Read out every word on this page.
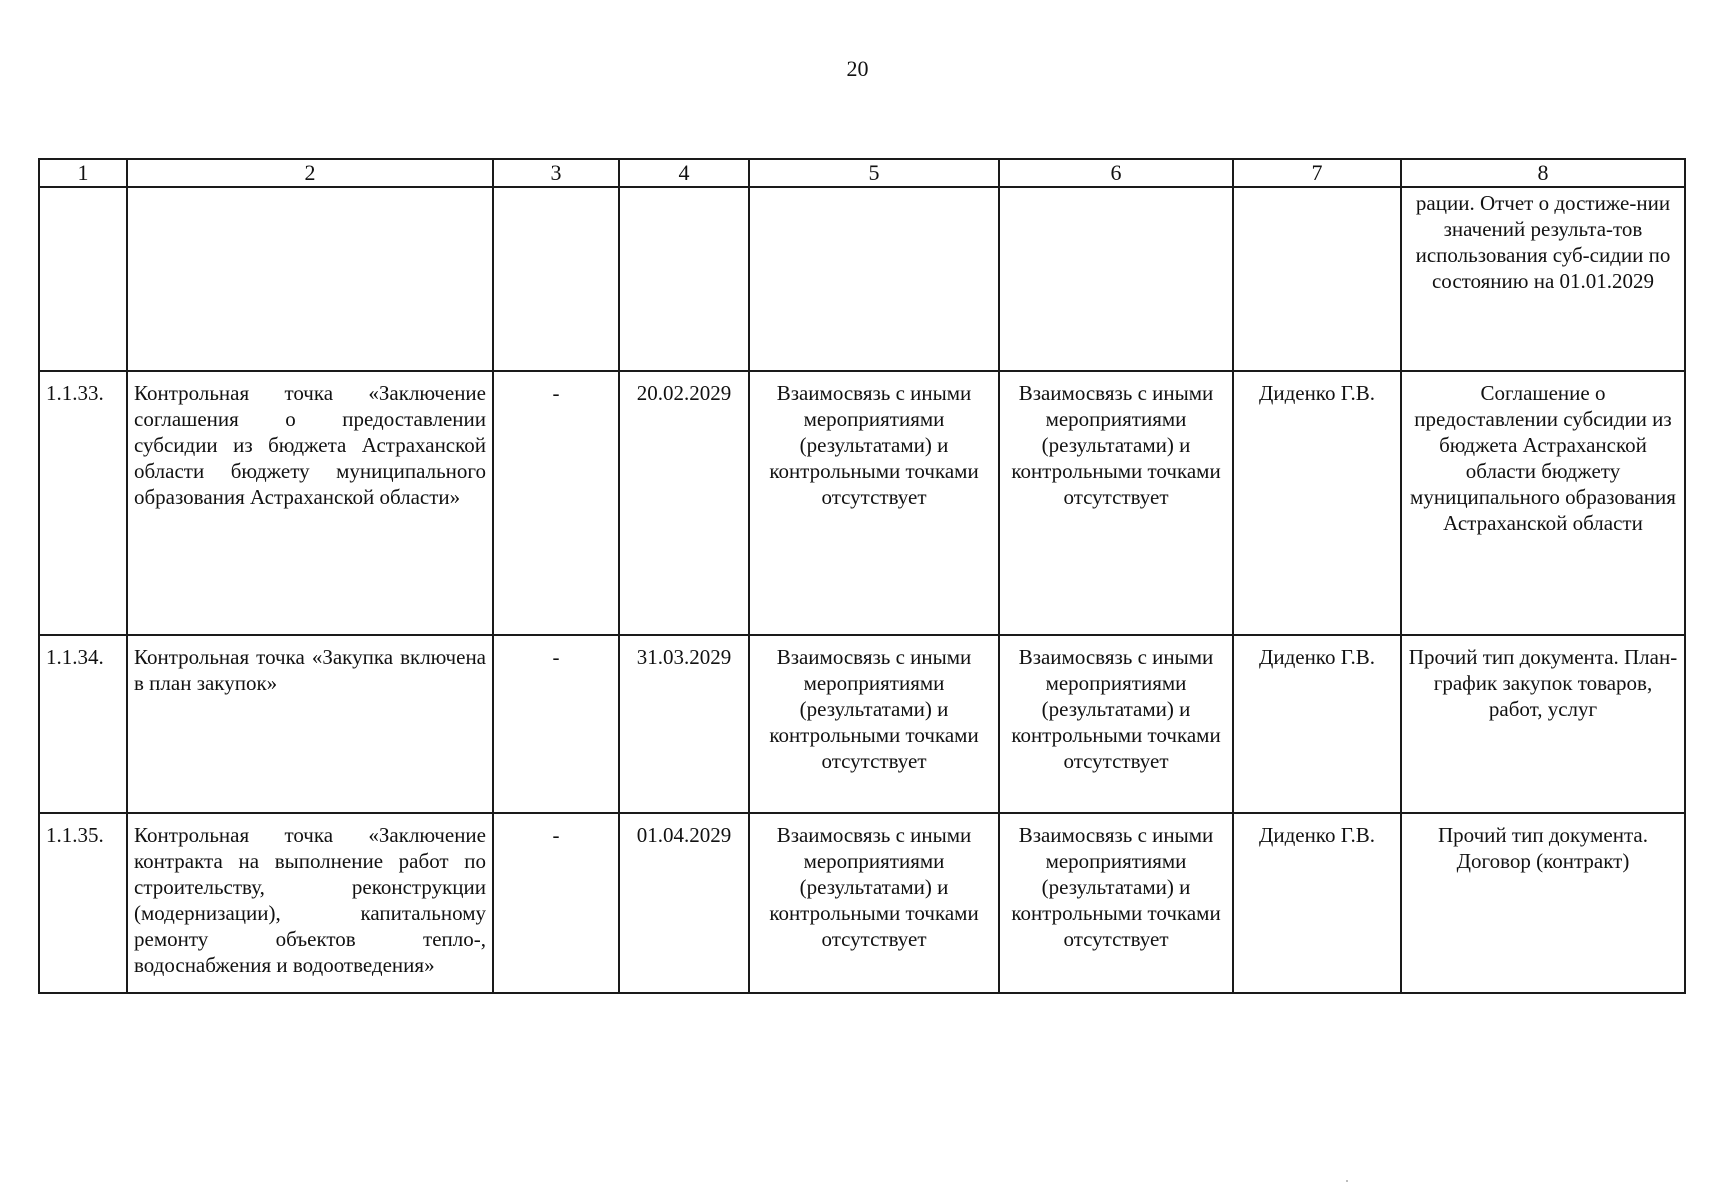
20
1	2	3	4	5	6	7	8
							рации. Отчет о достиже-нии значений результа-тов использования суб-сидии по состоянию на 01.01.2029
1.1.33.	Контрольная точка «Заключение соглашения о предоставлении субсидии из бюджета Астраханской области бюджету муниципального образования Астраханской области»	-	20.02.2029	Взаимосвязь с иными мероприятиями (результатами) и контрольными точками отсутствует	Взаимосвязь с иными мероприятиями (результатами) и контрольными точками отсутствует	Диденко Г.В.	Соглашение о предоставлении субсидии из бюджета Астраханской области бюджету муниципального образования Астраханской области
1.1.34.	Контрольная точка «Закупка включена в план закупок»	-	31.03.2029	Взаимосвязь с иными мероприятиями (результатами) и контрольными точками отсутствует	Взаимосвязь с иными мероприятиями (результатами) и контрольными точками отсутствует	Диденко Г.В.	Прочий тип документа. План-график закупок товаров, работ, услуг
1.1.35.	Контрольная точка «Заключение контракта на выполнение работ по строительству, реконструкции (модернизации), капитальному ремонту объектов тепло-, водоснабжения и водоотведения»	-	01.04.2029	Взаимосвязь с иными мероприятиями (результатами) и контрольными точками отсутствует	Взаимосвязь с иными мероприятиями (результатами) и контрольными точками отсутствует	Диденко Г.В.	Прочий тип документа. Договор (контракт)
